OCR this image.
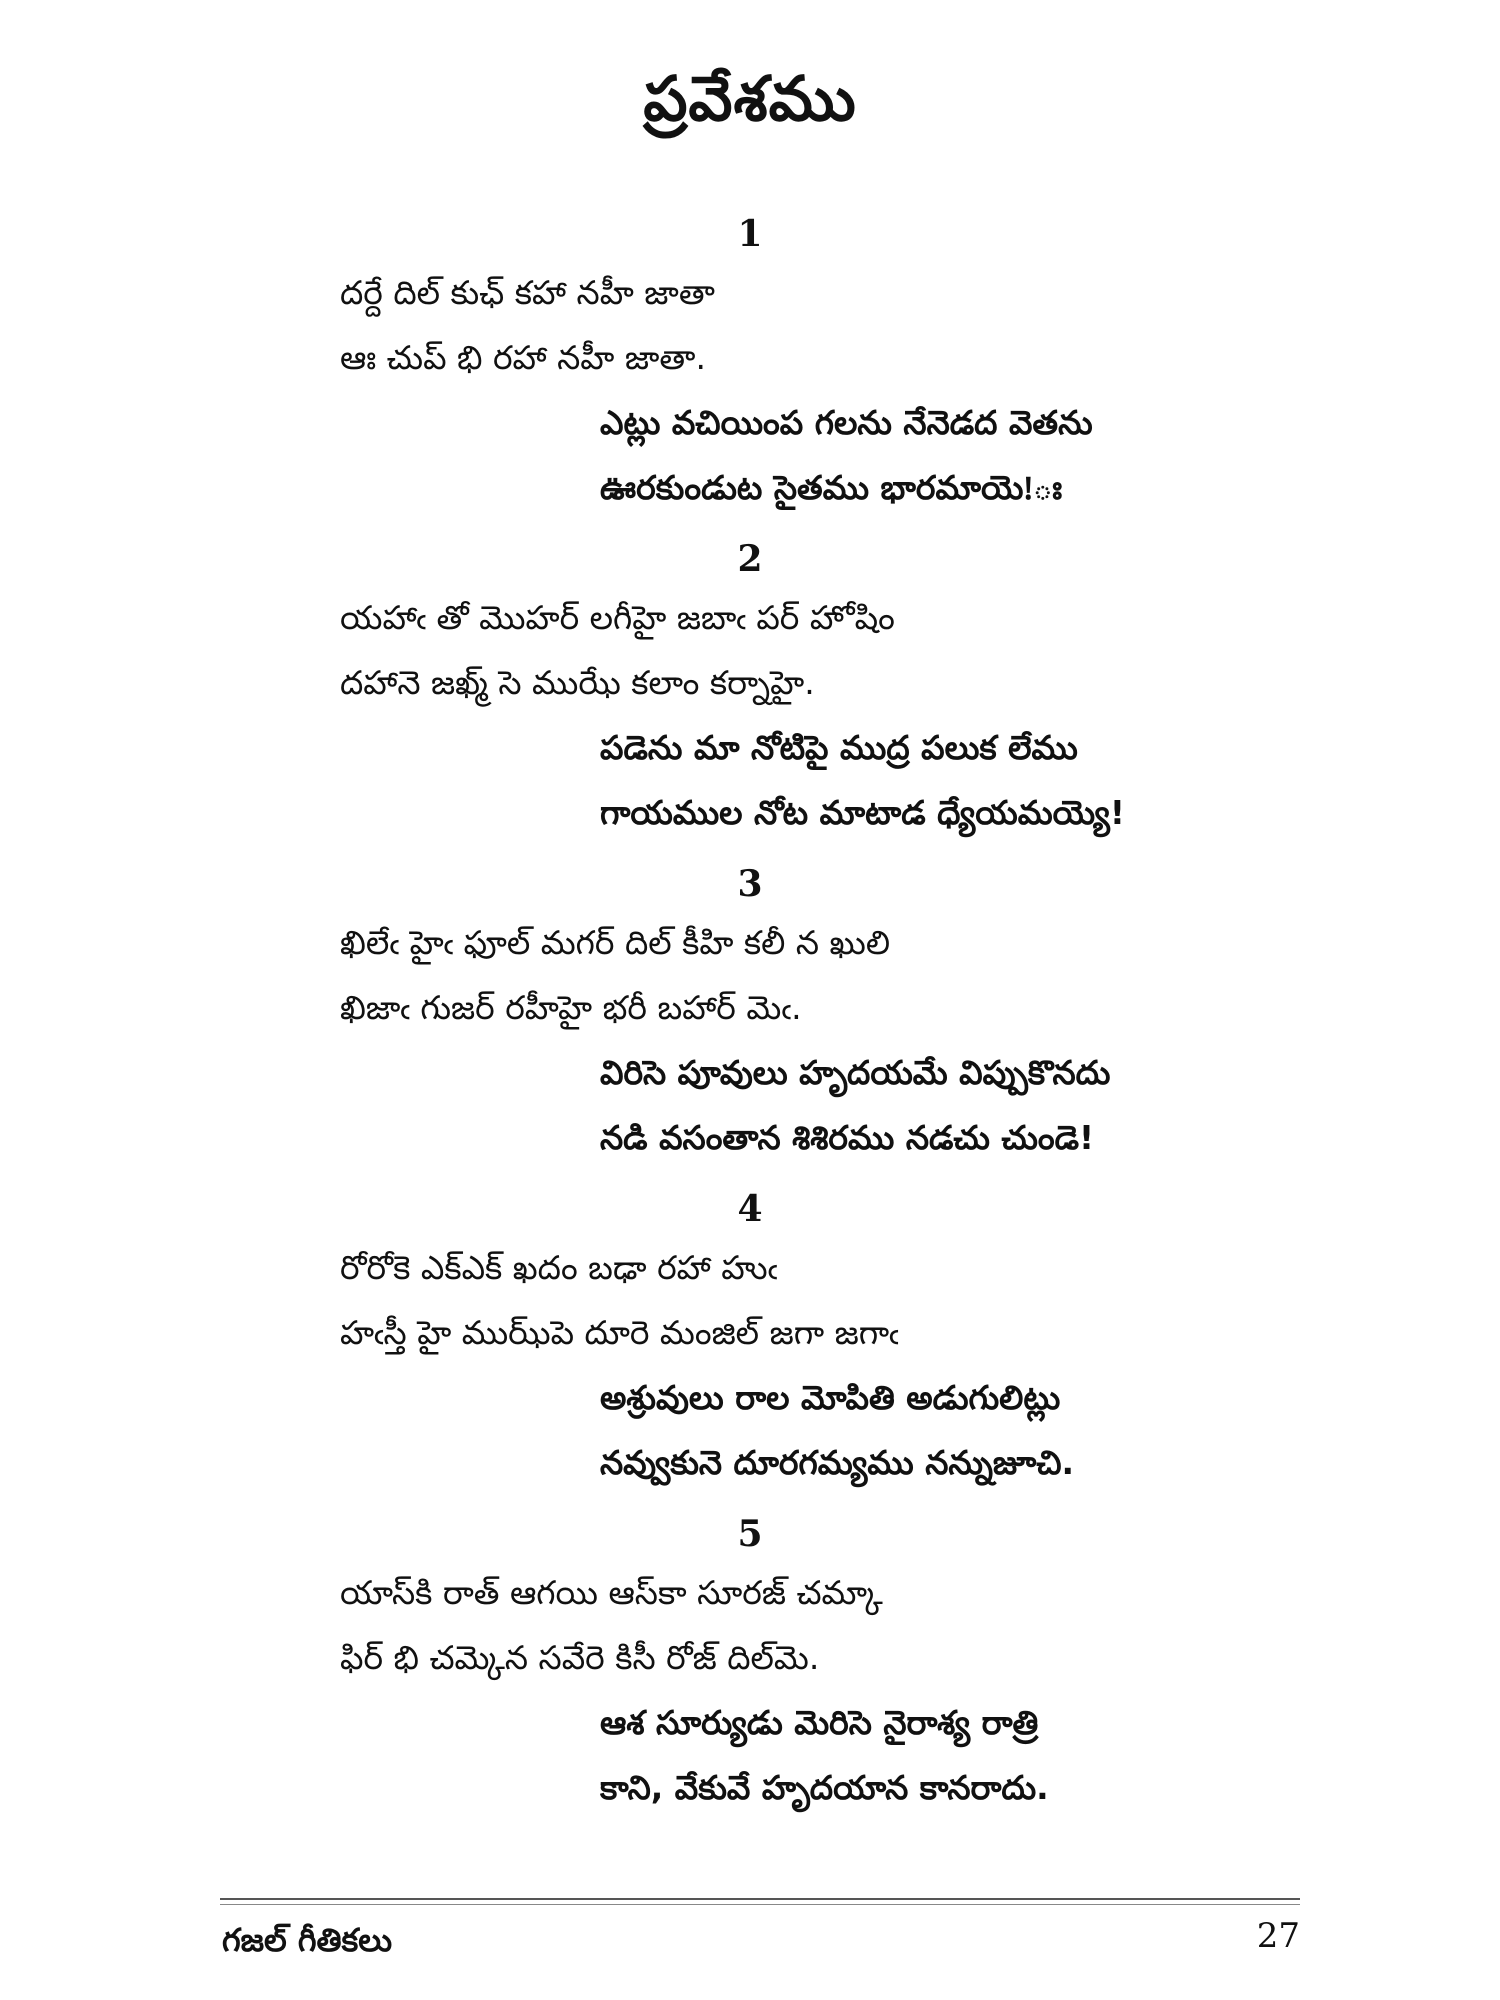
ప్రవేశము
1
దర్దే దిల్ కుఛ్ కహా నహీ జాతా
ఆః చుప్ భి రహా నహీ జాతా.
ఎట్లు వచియింప గలను నేనెడద వెతను
ఊరకుండుట సైతము భారమాయె!ః
2
యహాఁ తో మొహర్ లగీహై జబాఁ పర్ హోషిం
దహానె జఖ్మ్ సె ముఝే కలాం కర్నాహై.
పడెను మా నోటిపై ముద్ర పలుక లేము
గాయముల నోట మాటాడ ధ్యేయమయ్యె!
3
ఖిలేఁ హైఁ ఫూల్ మగర్ దిల్ కీహి కలీ న ఖులి
ఖిజాఁ గుజర్ రహీహై భరీ బహార్ మెఁ.
విరిసె పూవులు హృదయమే విప్పుకొనదు
నడి వసంతాన శిశిరము నడచు చుండె!
4
రోరోకె ఎక్ఎక్ ఖదం బఢా రహా హుఁ
హఁస్తీ హై ముఝ్‌పె దూరె మంజిల్ జగా జగాఁ
అశ్రువులు రాల మోపితి అడుగులిట్లు
నవ్వుకునె దూరగమ్యము నన్నుజూచి.
5
యాస్‌కి రాత్ ఆగయి ఆస్‌కా సూరజ్ చమ్కా
ఫిర్ భి చమ్కెన సవేరె కిసీ రోజ్ దిల్‌మె.
ఆశ సూర్యుడు మెరిసె నైరాశ్య రాత్రి
కాని, వేకువే హృదయాన కానరాదు.
గజల్ గీతికలు	27
